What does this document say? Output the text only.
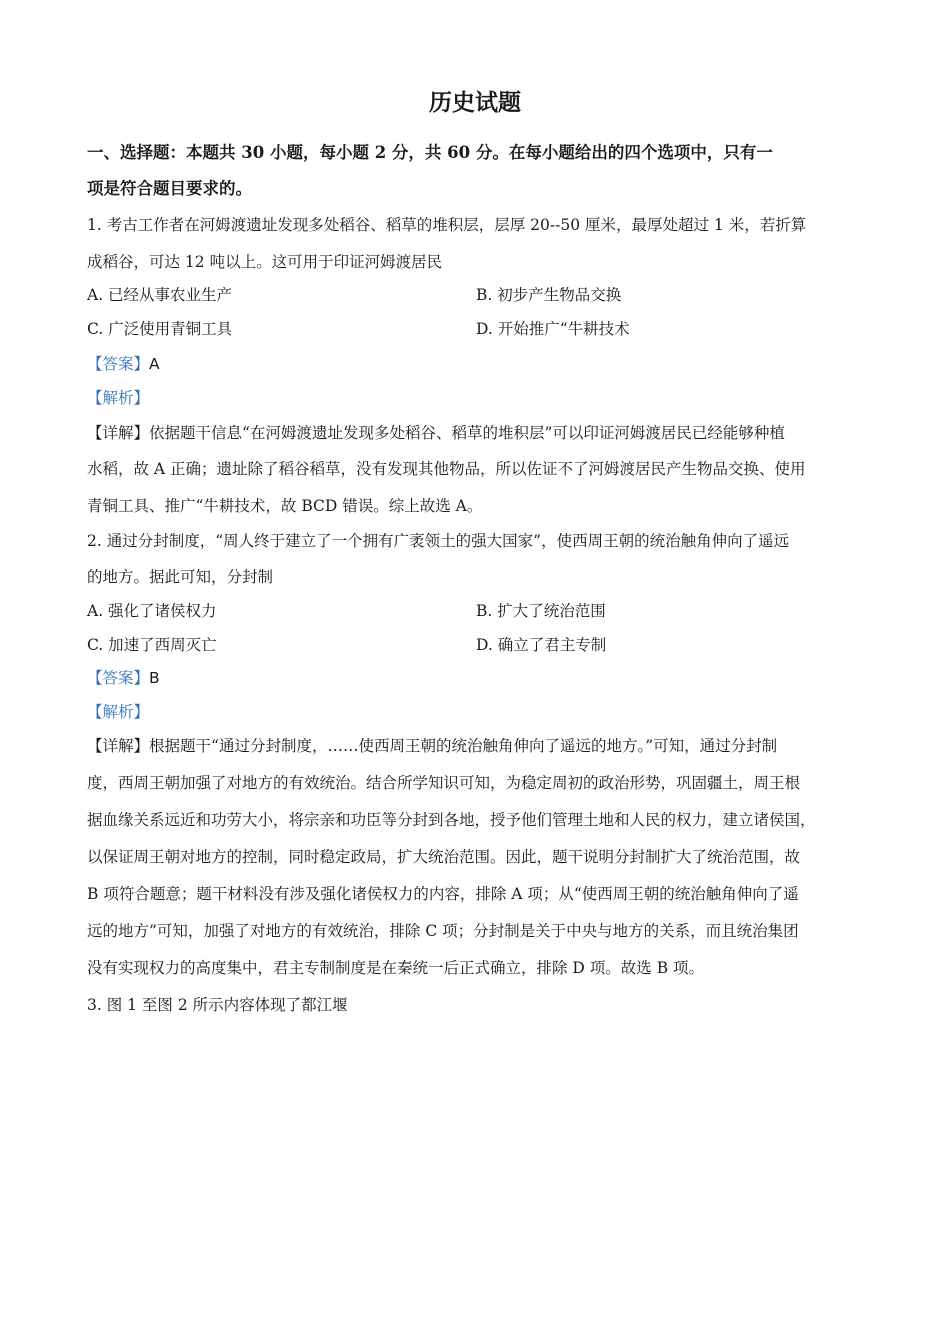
历史试题
一、选择题：本题共 30 小题，每小题 2 分，共 60 分。在每小题给出的四个选项中，只有一
项是符合题目要求的。
1. 考古工作者在河姆渡遗址发现多处稻谷、稻草的堆积层，层厚 20--50 厘米，最厚处超过 1 米，若折算
成稻谷，可达 12 吨以上。这可用于印证河姆渡居民
A. 已经从事农业生产	B. 初步产生物品交换
C. 广泛使用青铜工具	D. 开始推广“牛耕技术
【答案】A
【解析】
【详解】依据题干信息“在河姆渡遗址发现多处稻谷、稻草的堆积层”可以印证河姆渡居民已经能够种植
水稻，故 A 正确；遗址除了稻谷稻草，没有发现其他物品，所以佐证不了河姆渡居民产生物品交换、使用
青铜工具、推广“牛耕技术，故 BCD 错误。综上故选 A。
2. 通过分封制度，“周人终于建立了一个拥有广袤领土的强大国家”，使西周王朝的统治触角伸向了遥远
的地方。据此可知，分封制
A. 强化了诸侯权力	B. 扩大了统治范围
C. 加速了西周灭亡	D. 确立了君主专制
【答案】B
【解析】
【详解】根据题干“通过分封制度，……使西周王朝的统治触角伸向了遥远的地方。”可知，通过分封制
度，西周王朝加强了对地方的有效统治。结合所学知识可知，为稳定周初的政治形势，巩固疆土，周王根
据血缘关系远近和功劳大小，将宗亲和功臣等分封到各地，授予他们管理土地和人民的权力，建立诸侯国，
以保证周王朝对地方的控制，同时稳定政局，扩大统治范围。因此，题干说明分封制扩大了统治范围，故
B 项符合题意；题干材料没有涉及强化诸侯权力的内容，排除 A 项；从“使西周王朝的统治触角伸向了遥
远的地方”可知，加强了对地方的有效统治，排除 C 项；分封制是关于中央与地方的关系，而且统治集团
没有实现权力的高度集中，君主专制制度是在秦统一后正式确立，排除 D 项。故选 B 项。
3. 图 1 至图 2 所示内容体现了都江堰
